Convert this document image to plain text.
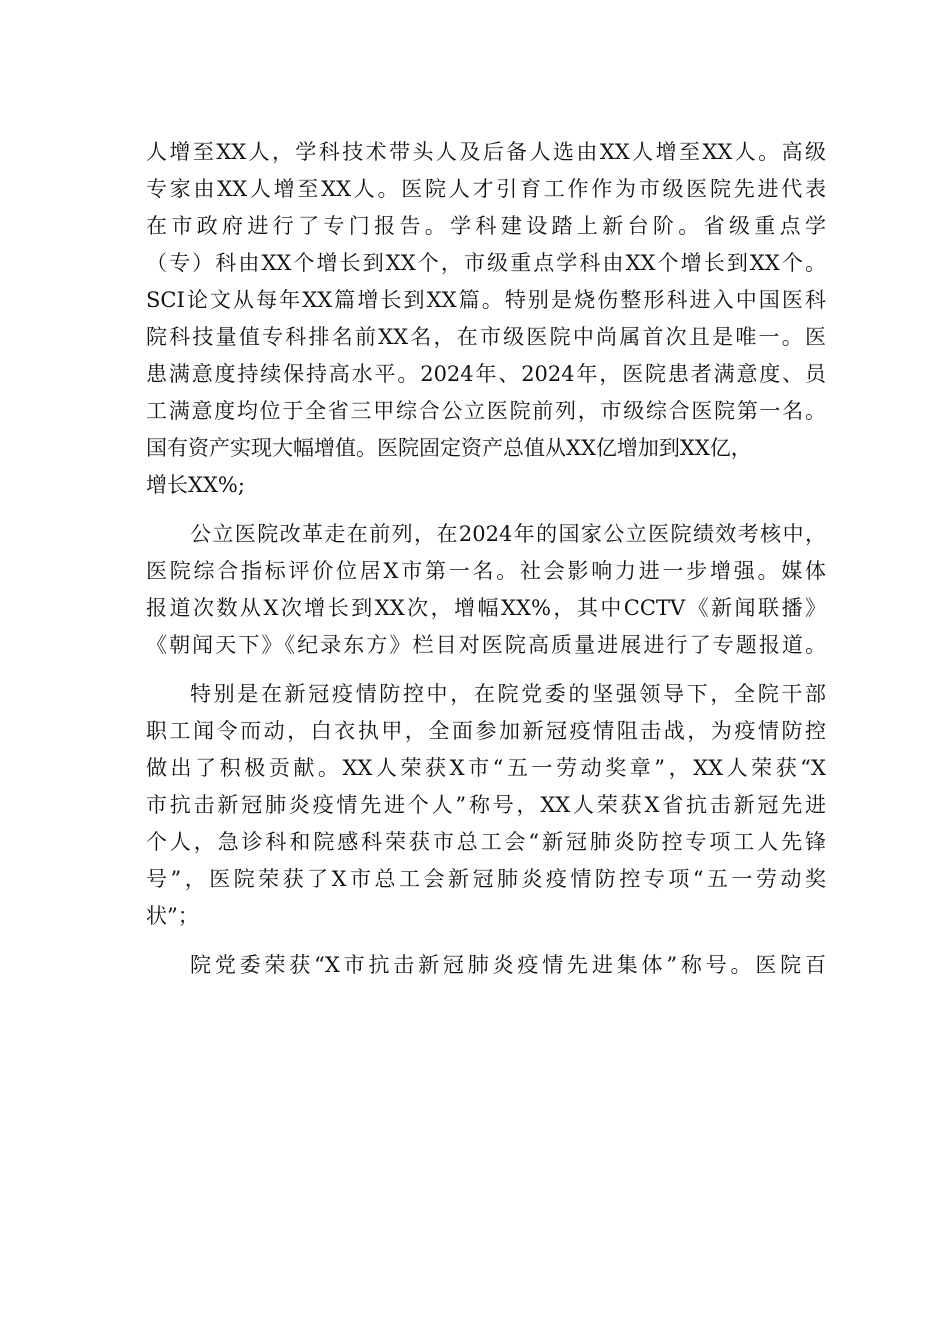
人增至XX人，学科技术带头人及后备人选由XX人增至XX人。高级
专家由XX人增至XX人。医院人才引育工作作为市级医院先进代表
在市政府进行了专门报告。学科建设踏上新台阶。省级重点学
（专）科由XX个增长到XX个，市级重点学科由XX个增长到XX个。
SCI论文从每年XX篇增长到XX篇。特别是烧伤整形科进入中国医科
院科技量值专科排名前XX名，在市级医院中尚属首次且是唯一。医
患满意度持续保持高水平。2024年、2024年，医院患者满意度、员
工满意度均位于全省三甲综合公立医院前列，市级综合医院第一名。
国有资产实现大幅增值。医院固定资产总值从XX亿增加到XX亿，
增长XX%;
公立医院改革走在前列，在2024年的国家公立医院绩效考核中，
医院综合指标评价位居X市第一名。社会影响力进一步增强。媒体
报道次数从X次增长到XX次，增幅XX%，其中CCTV《新闻联播》
《朝闻天下》《纪录东方》栏目对医院高质量进展进行了专题报道。
特别是在新冠疫情防控中，在院党委的坚强领导下，全院干部
职工闻令而动，白衣执甲，全面参加新冠疫情阻击战，为疫情防控
做出了积极贡献。XX人荣获X市“五一劳动奖章”，XX人荣获“X
市抗击新冠肺炎疫情先进个人”称号，XX人荣获X省抗击新冠先进
个人，急诊科和院感科荣获市总工会“新冠肺炎防控专项工人先锋
号”，医院荣获了X市总工会新冠肺炎疫情防控专项“五一劳动奖
状”；
院党委荣获“X市抗击新冠肺炎疫情先进集体”称号。医院百
